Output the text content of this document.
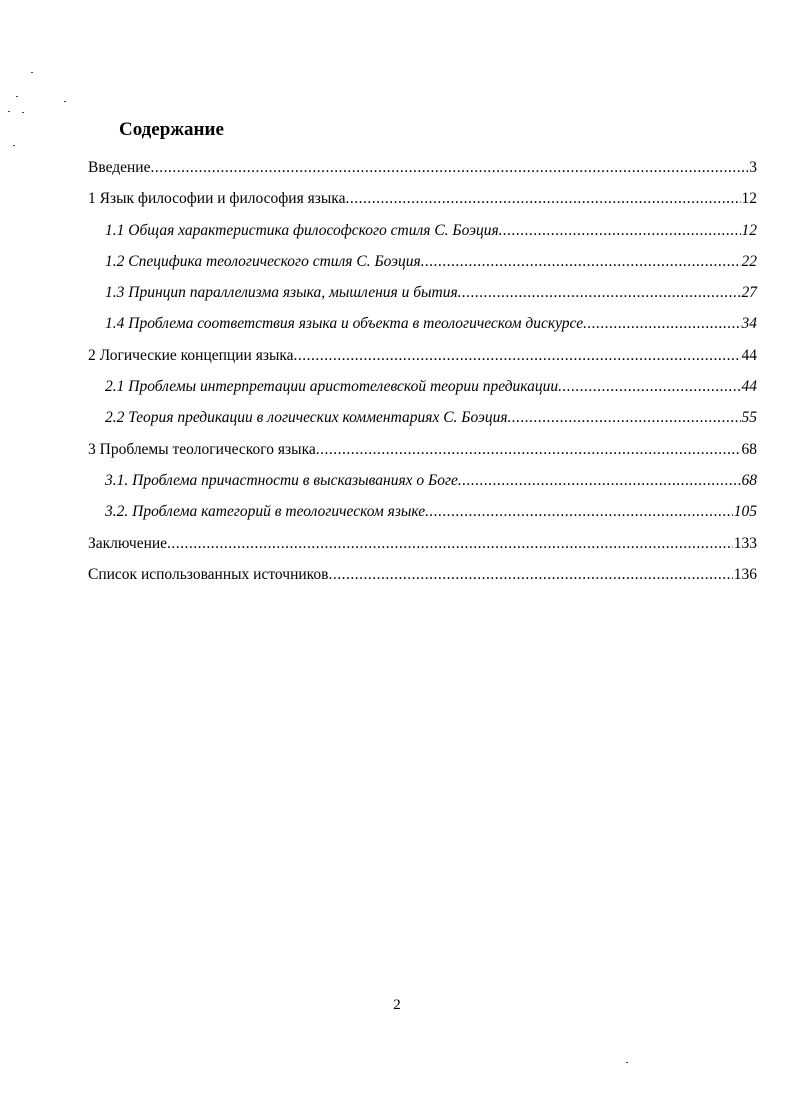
Содержание
Введение .....	3
1 Язык философии и философия языка .....	12
1.1 Общая характеристика философского стиля С. Боэция .....	12
1.2 Специфика теологического стиля С. Боэция .....	22
1.3 Принцип параллелизма языка, мышления и бытия .....	27
1.4 Проблема соответствия языка и объекта в теологическом дискурсе .....	34
2 Логические концепции языка .....	44
2.1 Проблемы интерпретации аристотелевской теории предикации .....	44
2.2 Теория предикации в логических комментариях С. Боэция .....	55
3 Проблемы теологического языка .....	68
3.1. Проблема причастности в высказываниях о Боге .....	68
3.2. Проблема категорий в теологическом языке .....	105
Заключение .....	133
Список использованных источников .....	136
2
